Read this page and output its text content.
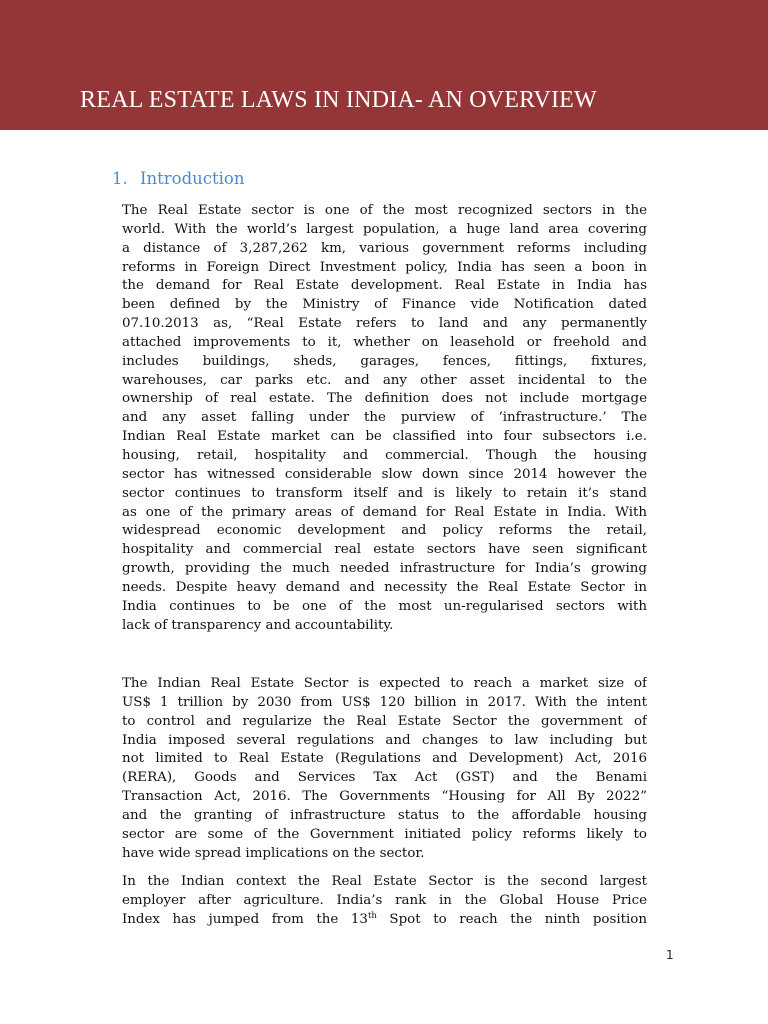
REAL ESTATE LAWS IN INDIA- AN OVERVIEW
1. Introduction
The Real Estate sector is one of the most recognized sectors in the
world. With the world’s largest population, a huge land area covering
a distance of 3,287,262 km, various government reforms including
reforms in Foreign Direct Investment policy, India has seen a boon in
the demand for Real Estate development. Real Estate in India has
been defined by the Ministry of Finance vide Notification dated
07.10.2013 as, “Real Estate refers to land and any permanently
attached improvements to it, whether on leasehold or freehold and
includes buildings, sheds, garages, fences, fittings, fixtures,
warehouses, car parks etc. and any other asset incidental to the
ownership of real estate. The definition does not include mortgage
and any asset falling under the purview of ‘infrastructure.’ The
Indian Real Estate market can be classified into four subsectors i.e.
housing, retail, hospitality and commercial. Though the housing
sector has witnessed considerable slow down since 2014 however the
sector continues to transform itself and is likely to retain it’s stand
as one of the primary areas of demand for Real Estate in India. With
widespread economic development and policy reforms the retail,
hospitality and commercial real estate sectors have seen significant
growth, providing the much needed infrastructure for India’s growing
needs. Despite heavy demand and necessity the Real Estate Sector in
India continues to be one of the most un-regularised sectors with
lack of transparency and accountability.
The Indian Real Estate Sector is expected to reach a market size of
US$ 1 trillion by 2030 from US$ 120 billion in 2017. With the intent
to control and regularize the Real Estate Sector the government of
India imposed several regulations and changes to law including but
not limited to Real Estate (Regulations and Development) Act, 2016
(RERA), Goods and Services Tax Act (GST) and the Benami
Transaction Act, 2016. The Governments “Housing for All By 2022”
and the granting of infrastructure status to the affordable housing
sector are some of the Government initiated policy reforms likely to
have wide spread implications on the sector.
In the Indian context the Real Estate Sector is the second largest
employer after agriculture. India’s rank in the Global House Price
Index has jumped from the 13th Spot to reach the ninth position
1
